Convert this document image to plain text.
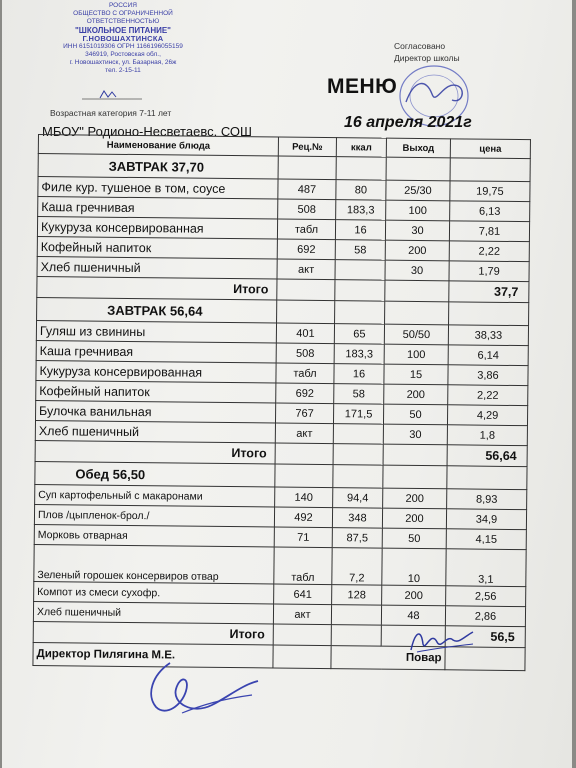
РОССИЯ
ОБЩЕСТВО С ОГРАНИЧЕННОЙ
ОТВЕТСТВЕННОСТЬЮ
"ШКОЛЬНОЕ ПИТАНИЕ"
Г.НОВОШАХТИНСКА
ИНН 6151019306 ОГРН 1166196055159
346919, Ростовская обл.,
г. Новошахтинск, ул. Базарная, 26ж
тел. 2-15-11
Возрастная категория 7-11 лет
Согласовано
Директор школы
МЕНЮ
МБОУ" Родионо-Несветаевс. СОШ
16 апреля 2021г
Наименование блюда	Рец.№	ккал	Выход	цена
ЗАВТРАК 37,70				
Филе кур. тушеное в том, соусе	487	80	25/30	19,75
Каша гречнивая	508	183,3	100	6,13
Кукуруза консервированная	табл	16	30	7,81
Кофейный напиток	692	58	200	2,22
Хлеб пшеничный	акт		30	1,79
Итого				37,7
ЗАВТРАК 56,64				
Гуляш из свинины	401	65	50/50	38,33
Каша гречнивая	508	183,3	100	6,14
Кукуруза консервированная	табл	16	15	3,86
Кофейный напиток	692	58	200	2,22
Булочка ванильная	767	171,5	50	4,29
Хлеб пшеничный	акт		30	1,8
Итого				56,64
Обед 56,50				
Суп картофельный с макаронами	140	94,4	200	8,93
Плов /цыпленок-брол./	492	348	200	34,9
Морковь отварная	71	87,5	50	4,15
Зеленый горошек консервиров отвар	табл	7,2	10	3,1
Компот из смеси сухофр.	641	128	200	2,56
Хлеб пшеничный	акт		48	2,86
Итого				56,5
Директор Пилягина М.Е.		Повар		
